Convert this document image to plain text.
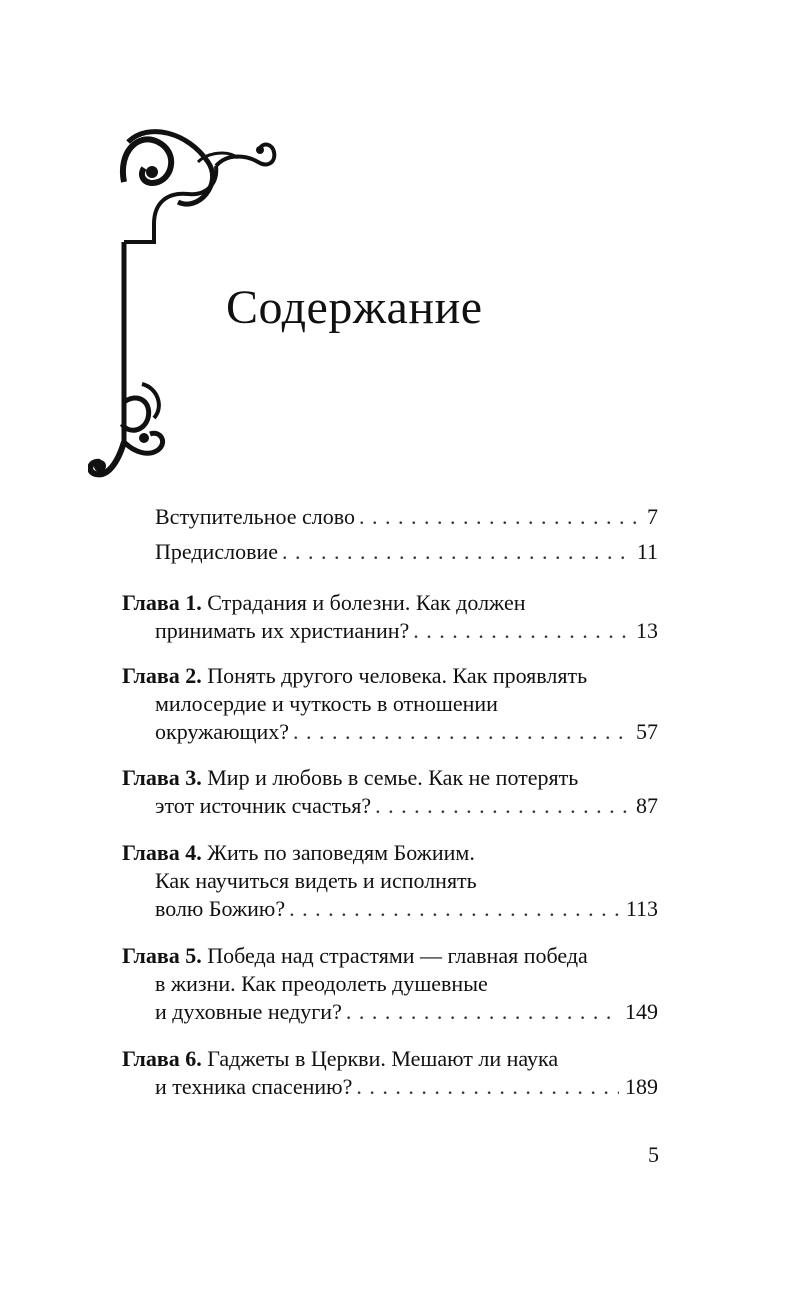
Содержание
Вступительное слово . . .	7
Предисловие . . .	11
Глава 1.
Страдания и болезни. Как должен
принимать их христианин? . . .	13
Глава 2.
Понять другого человека. Как проявлять
милосердие и чуткость в отношении
окружающих? . . .	57
Глава 3.
Мир и любовь в семье. Как не потерять
этот источник счастья? . . .	87
Глава 4.
Жить по заповедям Божиим.
Как научиться видеть и исполнять
волю Божию? . . .	113
Глава 5.
Победа над страстями — главная победа
в жизни. Как преодолеть душевные
и духовные недуги? . . .	149
Глава 6.
Гаджеты в Церкви. Мешают ли наука
и техника спасению? . . .	189
5
